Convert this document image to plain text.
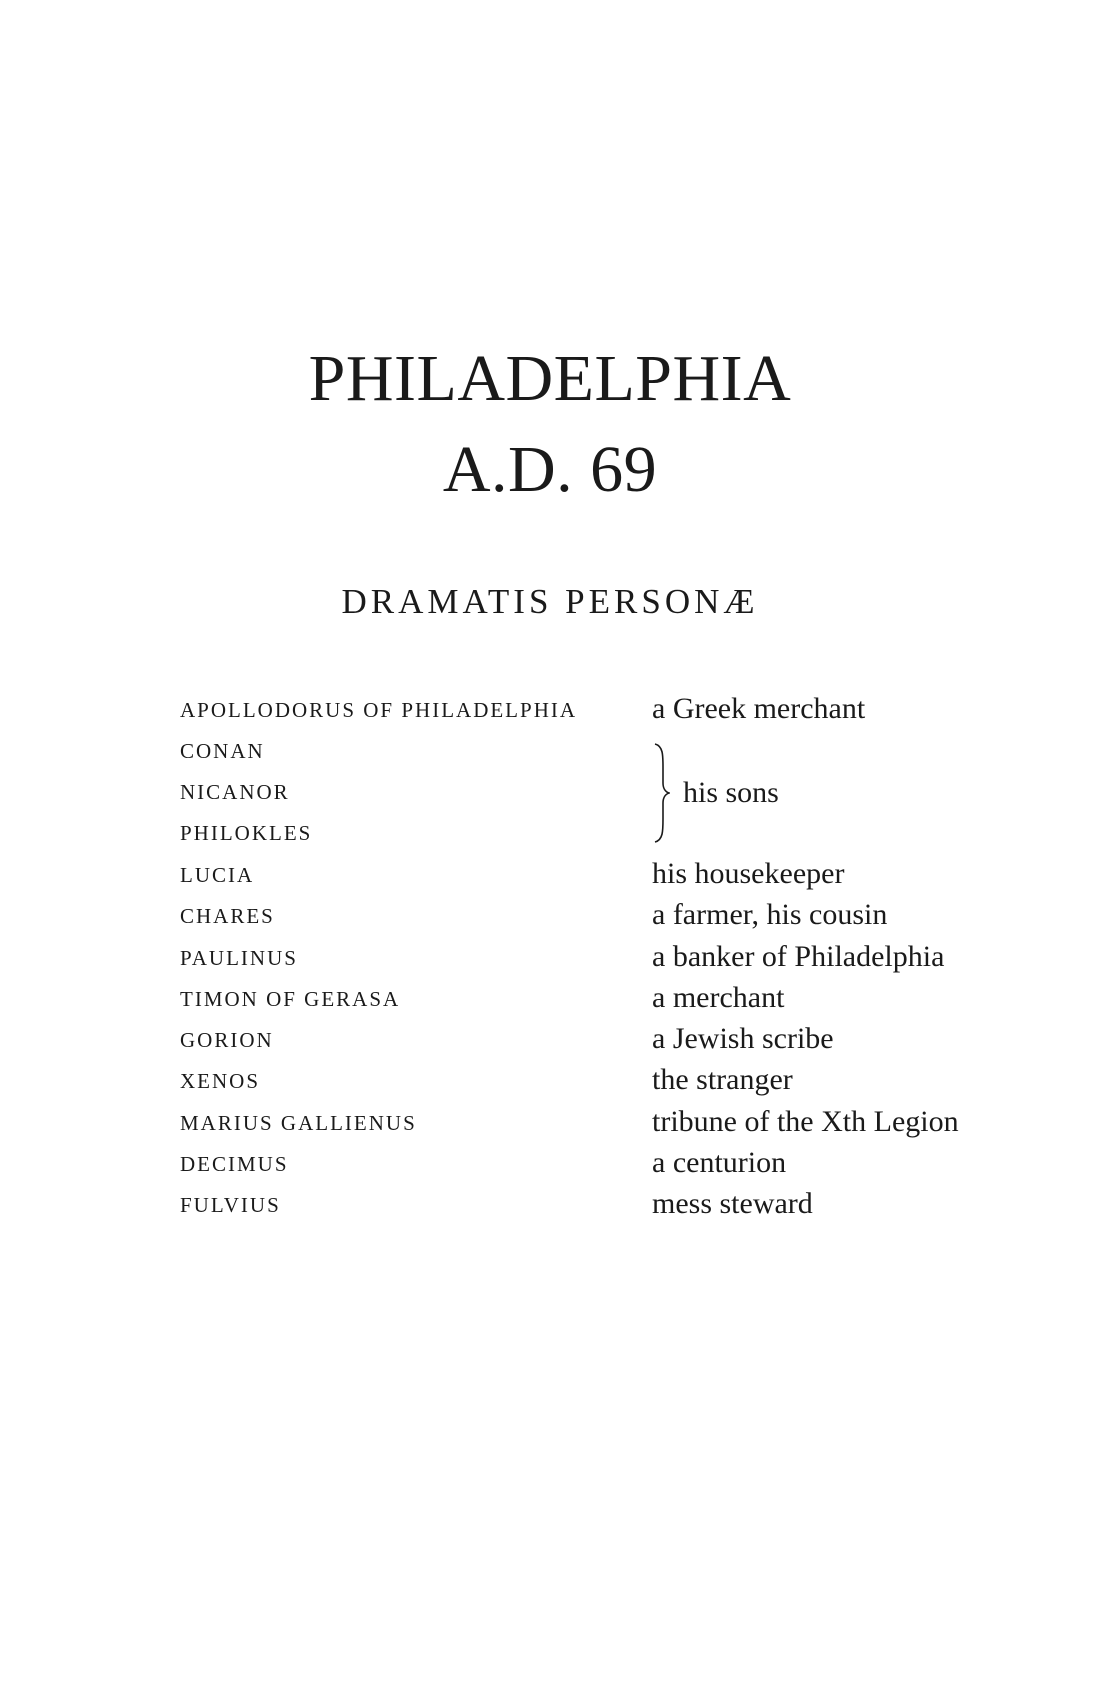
PHILADELPHIA
A.D. 69
DRAMATIS PERSONÆ
APOLLODORUS OF PHILADELPHIA a Greek merchant
CONAN
NICANOR
PHILOKLES
his sons
LUCIA	his housekeeper
CHARES	a farmer, his cousin
PAULINUS	a banker of Philadelphia
TIMON OF GERASA	a merchant
GORION	a Jewish scribe
XENOS	the stranger
MARIUS GALLIENUS	tribune of the Xth Legion
DECIMUS	a centurion
FULVIUS	mess steward
